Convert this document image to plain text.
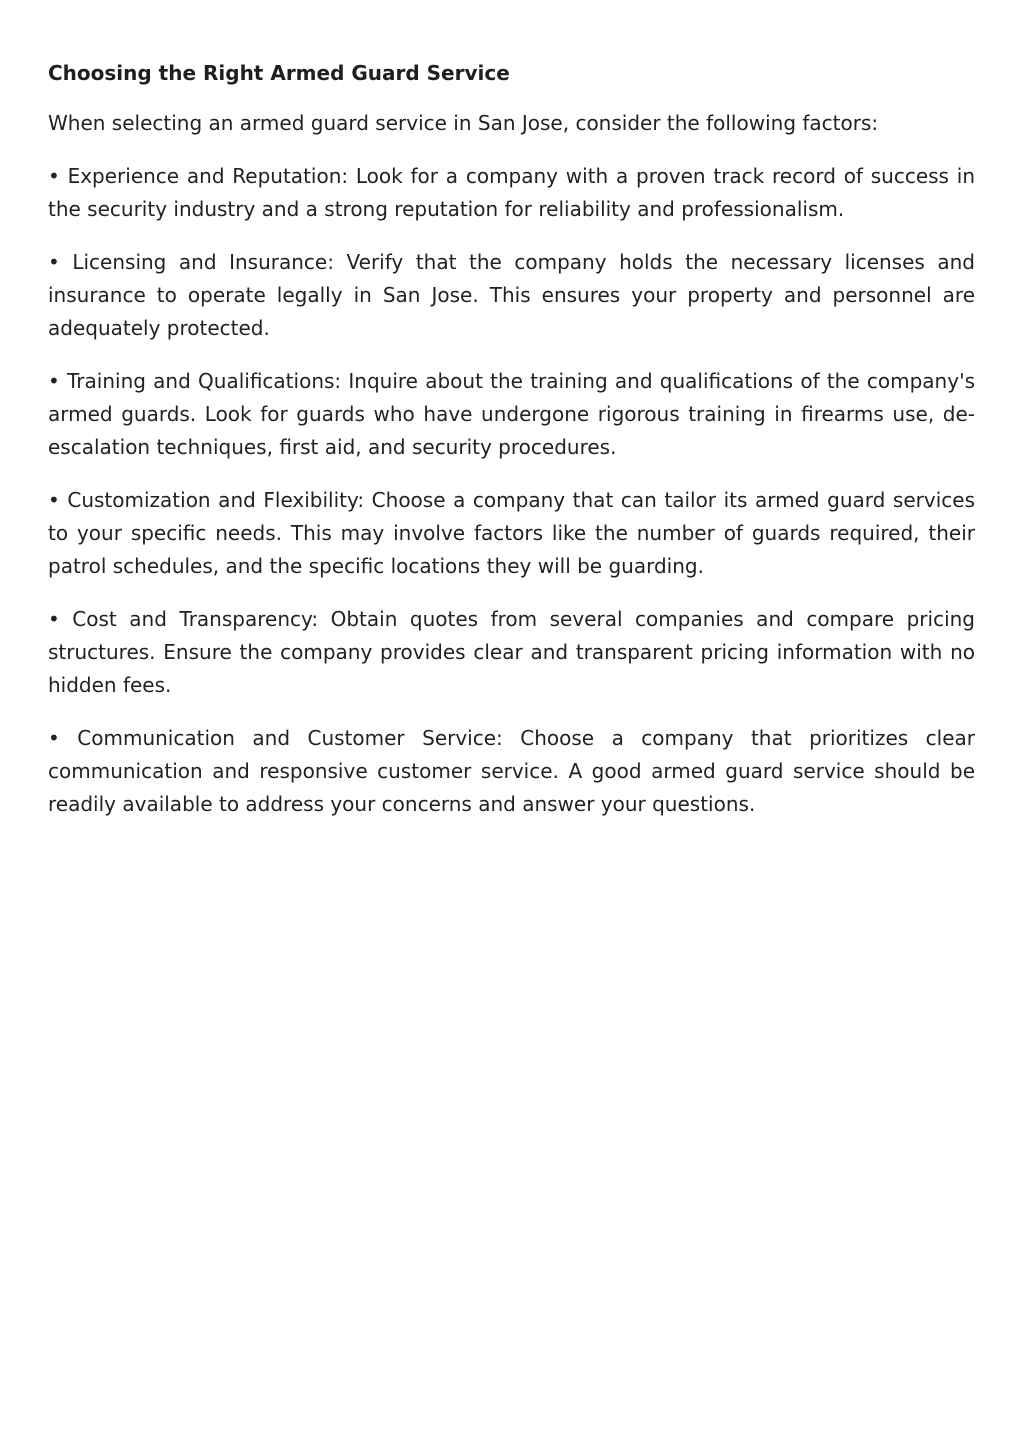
Choosing the Right Armed Guard Service

When selecting an armed guard service in San Jose, consider the following factors:

• Experience and Reputation: Look for a company with a proven track record of success in the security industry and a strong reputation for reliability and professionalism.

• Licensing and Insurance: Verify that the company holds the necessary licenses and insurance to operate legally in San Jose. This ensures your property and personnel are adequately protected.

• Training and Qualifications: Inquire about the training and qualifications of the company's armed guards. Look for guards who have undergone rigorous training in firearms use, de-escalation techniques, first aid, and security procedures.

• Customization and Flexibility: Choose a company that can tailor its armed guard services to your specific needs. This may involve factors like the number of guards required, their patrol schedules, and the specific locations they will be guarding.

• Cost and Transparency: Obtain quotes from several companies and compare pricing structures. Ensure the company provides clear and transparent pricing information with no hidden fees.

• Communication and Customer Service: Choose a company that prioritizes clear communication and responsive customer service. A good armed guard service should be readily available to address your concerns and answer your questions.
